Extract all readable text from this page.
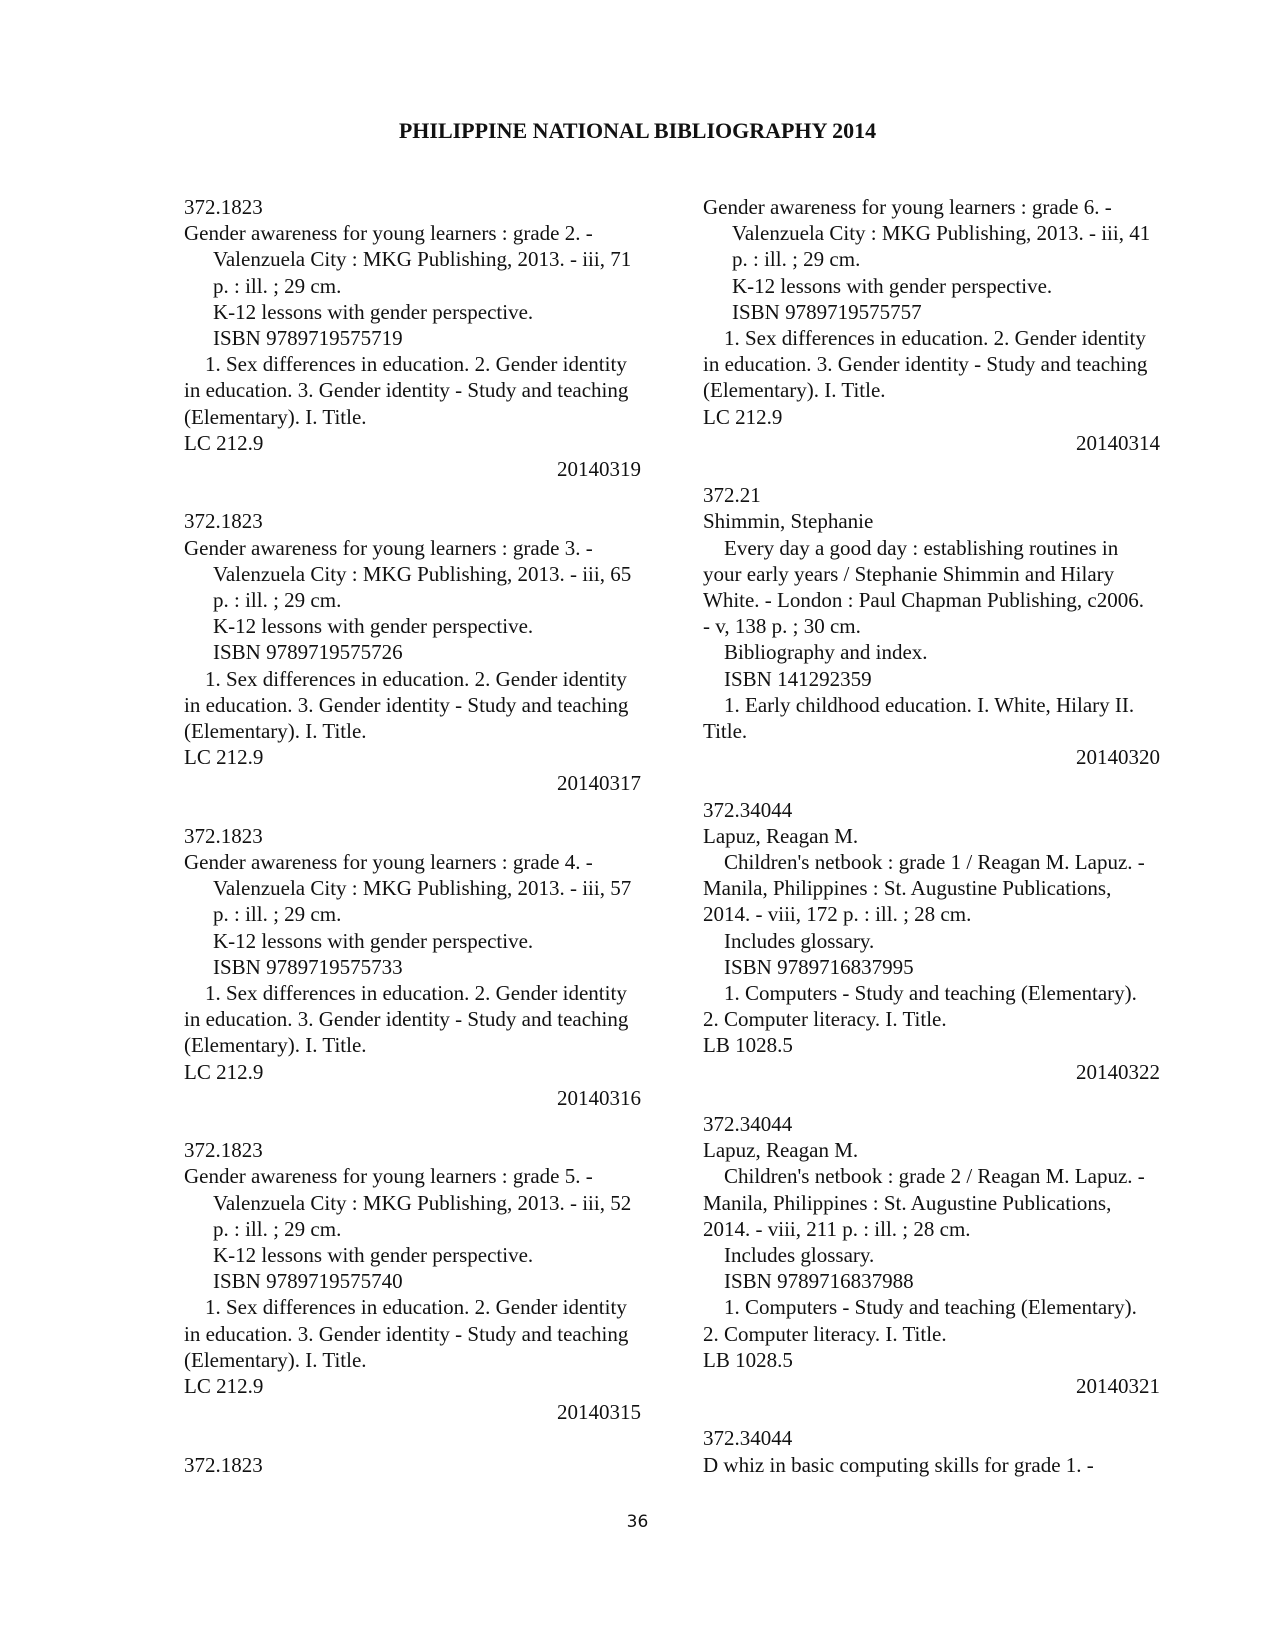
PHILIPPINE NATIONAL BIBLIOGRAPHY 2014
372.1823
Gender awareness for young learners : grade 2. -
Valenzuela City : MKG Publishing, 2013. - iii, 71
p. : ill. ; 29 cm.
K-12 lessons with gender perspective.
ISBN 9789719575719
1. Sex differences in education. 2. Gender identity
in education. 3. Gender identity - Study and teaching
(Elementary). I. Title.
LC 212.9
20140319
372.1823
Gender awareness for young learners : grade 3. -
Valenzuela City : MKG Publishing, 2013. - iii, 65
p. : ill. ; 29 cm.
K-12 lessons with gender perspective.
ISBN 9789719575726
1. Sex differences in education. 2. Gender identity
in education. 3. Gender identity - Study and teaching
(Elementary). I. Title.
LC 212.9
20140317
372.1823
Gender awareness for young learners : grade 4. -
Valenzuela City : MKG Publishing, 2013. - iii, 57
p. : ill. ; 29 cm.
K-12 lessons with gender perspective.
ISBN 9789719575733
1. Sex differences in education. 2. Gender identity
in education. 3. Gender identity - Study and teaching
(Elementary). I. Title.
LC 212.9
20140316
372.1823
Gender awareness for young learners : grade 5. -
Valenzuela City : MKG Publishing, 2013. - iii, 52
p. : ill. ; 29 cm.
K-12 lessons with gender perspective.
ISBN 9789719575740
1. Sex differences in education. 2. Gender identity
in education. 3. Gender identity - Study and teaching
(Elementary). I. Title.
LC 212.9
20140315
372.1823
Gender awareness for young learners : grade 6. -
Valenzuela City : MKG Publishing, 2013. - iii, 41
p. : ill. ; 29 cm.
K-12 lessons with gender perspective.
ISBN 9789719575757
1. Sex differences in education. 2. Gender identity
in education. 3. Gender identity - Study and teaching
(Elementary). I. Title.
LC 212.9
20140314
372.21
Shimmin, Stephanie
Every day a good day : establishing routines in
your early years / Stephanie Shimmin and Hilary
White. - London : Paul Chapman Publishing, c2006.
- v, 138 p. ; 30 cm.
Bibliography and index.
ISBN 141292359
1. Early childhood education. I. White, Hilary II.
Title.
20140320
372.34044
Lapuz, Reagan M.
Children's netbook : grade 1 / Reagan M. Lapuz. -
Manila, Philippines : St. Augustine Publications,
2014. - viii, 172 p. : ill. ; 28 cm.
Includes glossary.
ISBN 9789716837995
1. Computers - Study and teaching (Elementary).
2. Computer literacy. I. Title.
LB 1028.5
20140322
372.34044
Lapuz, Reagan M.
Children's netbook : grade 2 / Reagan M. Lapuz. -
Manila, Philippines : St. Augustine Publications,
2014. - viii, 211 p. : ill. ; 28 cm.
Includes glossary.
ISBN 9789716837988
1. Computers - Study and teaching (Elementary).
2. Computer literacy. I. Title.
LB 1028.5
20140321
372.34044
D whiz in basic computing skills for grade 1. -
36
